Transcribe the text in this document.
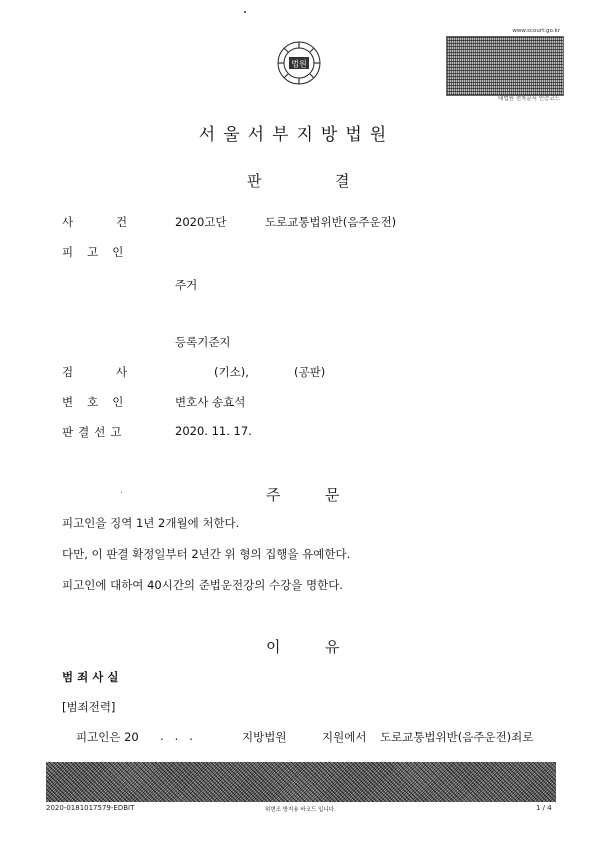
법원
www.scourt.go.kr
대법원 전자문서 인증코드
서울서부지방법원
판	결
사	건	2020고단	도로교통법위반(음주운전)
피고인
주거
등록기준지
검	사	(기소),	(공판)
변호인	변호사 송효석
판결선고	2020. 11. 17.
주	문
피고인을 징역 1년 2개월에 처한다.
다만, 이 판결 확정일부터 2년간 위 형의 집행을 유예한다.
피고인에 대하여 40시간의 준법운전강의 수강을 명한다.
이	유
범죄사실
[범죄전력]
피고인은 20 .   .   .	지방법원	지원에서 도로교통법위반(음주운전)죄로
2020-0181017579-EDBIT	위변조 방지용 바코드 입니다.	1 / 4
